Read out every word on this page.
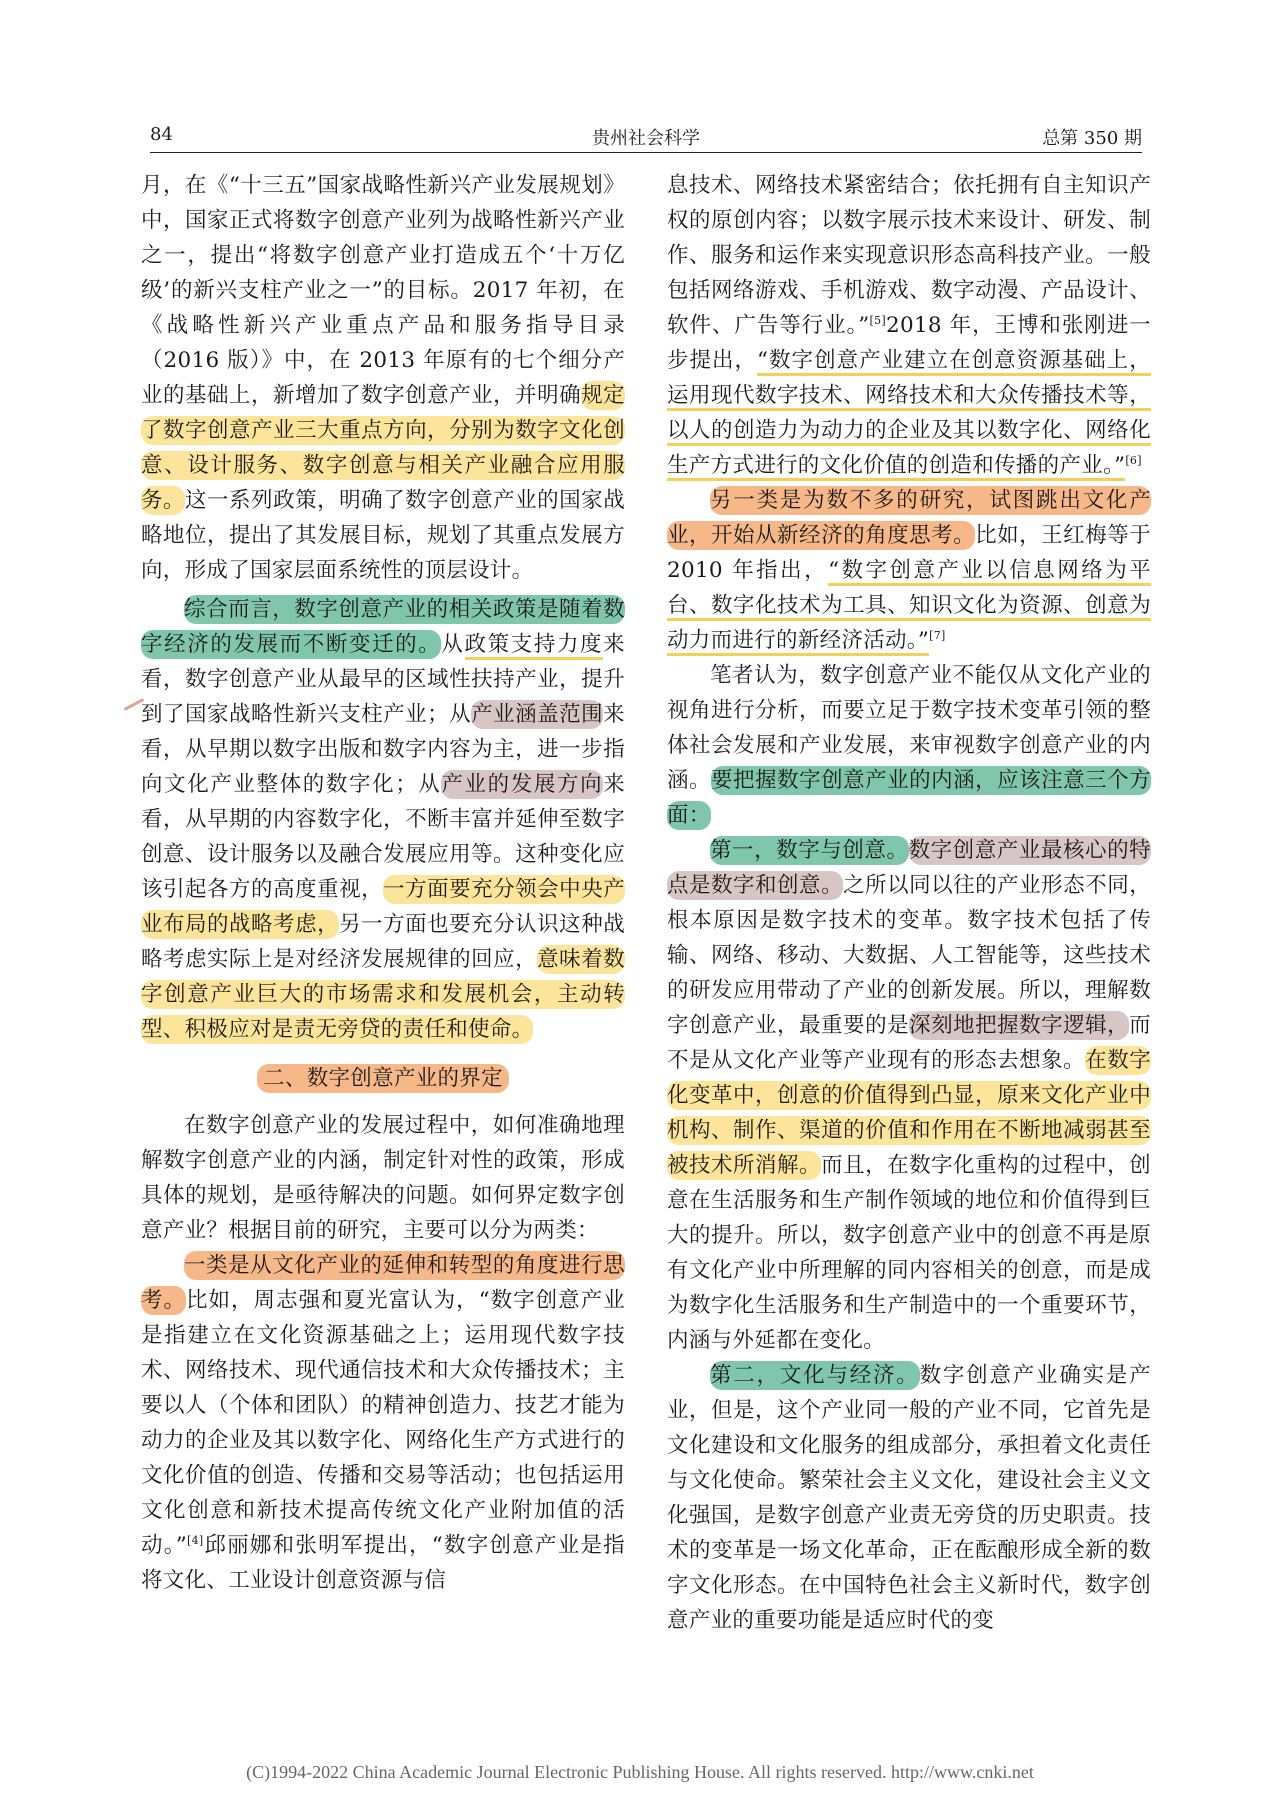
84	贵州社会科学	总第 350 期

月，在《“十三五”国家战略性新兴产业发展规划》中，国家正式将数字创意产业列为战略性新兴产业之一，提出“将数字创意产业打造成五个‘十万亿级’的新兴支柱产业之一”的目标。2017 年初，在《战略性新兴产业重点产品和服务指导目录（2016 版）》中，在 2013 年原有的七个细分产业的基础上，新增加了数字创意产业，并明确规定了数字创意产业三大重点方向，分别为数字文化创意、设计服务、数字创意与相关产业融合应用服务。这一系列政策，明确了数字创意产业的国家战略地位，提出了其发展目标，规划了其重点发展方向，形成了国家层面系统性的顶层设计。

综合而言，数字创意产业的相关政策是随着数字经济的发展而不断变迁的。从政策支持力度来看，数字创意产业从最早的区域性扶持产业，提升到了国家战略性新兴支柱产业；从产业涵盖范围来看，从早期以数字出版和数字内容为主，进一步指向文化产业整体的数字化；从产业的发展方向来看，从早期的内容数字化，不断丰富并延伸至数字创意、设计服务以及融合发展应用等。这种变化应该引起各方的高度重视，一方面要充分领会中央产业布局的战略考虑，另一方面也要充分认识这种战略考虑实际上是对经济发展规律的回应，意味着数字创意产业巨大的市场需求和发展机会，主动转型、积极应对是责无旁贷的责任和使命。

二、数字创意产业的界定

在数字创意产业的发展过程中，如何准确地理解数字创意产业的内涵，制定针对性的政策，形成具体的规划，是亟待解决的问题。如何界定数字创意产业？根据目前的研究，主要可以分为两类：

一类是从文化产业的延伸和转型的角度进行思考。比如，周志强和夏光富认为，“数字创意产业是指建立在文化资源基础之上；运用现代数字技术、网络技术、现代通信技术和大众传播技术；主要以人（个体和团队）的精神创造力、技艺才能为动力的企业及其以数字化、网络化生产方式进行的文化价值的创造、传播和交易等活动；也包括运用文化创意和新技术提高传统文化产业附加值的活动。”[4]邱丽娜和张明军提出，“数字创意产业是指将文化、工业设计创意资源与信

息技术、网络技术紧密结合；依托拥有自主知识产权的原创内容；以数字展示技术来设计、研发、制作、服务和运作来实现意识形态高科技产业。一般包括网络游戏、手机游戏、数字动漫、产品设计、软件、广告等行业。”[5]2018 年，王博和张刚进一步提出，“数字创意产业建立在创意资源基础上，运用现代数字技术、网络技术和大众传播技术等，以人的创造力为动力的企业及其以数字化、网络化生产方式进行的文化价值的创造和传播的产业。”[6]

另一类是为数不多的研究，试图跳出文化产业，开始从新经济的角度思考。比如，王红梅等于 2010 年指出，“数字创意产业以信息网络为平台、数字化技术为工具、知识文化为资源、创意为动力而进行的新经济活动。”[7]

笔者认为，数字创意产业不能仅从文化产业的视角进行分析，而要立足于数字技术变革引领的整体社会发展和产业发展，来审视数字创意产业的内涵。要把握数字创意产业的内涵，应该注意三个方面：

第一，数字与创意。数字创意产业最核心的特点是数字和创意。之所以同以往的产业形态不同，根本原因是数字技术的变革。数字技术包括了传输、网络、移动、大数据、人工智能等，这些技术的研发应用带动了产业的创新发展。所以，理解数字创意产业，最重要的是深刻地把握数字逻辑，而不是从文化产业等产业现有的形态去想象。在数字化变革中，创意的价值得到凸显，原来文化产业中机构、制作、渠道的价值和作用在不断地减弱甚至被技术所消解。而且，在数字化重构的过程中，创意在生活服务和生产制作领域的地位和价值得到巨大的提升。所以，数字创意产业中的创意不再是原有文化产业中所理解的同内容相关的创意，而是成为数字化生活服务和生产制造中的一个重要环节，内涵与外延都在变化。

第二，文化与经济。数字创意产业确实是产业，但是，这个产业同一般的产业不同，它首先是文化建设和文化服务的组成部分，承担着文化责任与文化使命。繁荣社会主义文化，建设社会主义文化强国，是数字创意产业责无旁贷的历史职责。技术的变革是一场文化革命，正在酝酿形成全新的数字文化形态。在中国特色社会主义新时代，数字创意产业的重要功能是适应时代的变

(C)1994-2022 China Academic Journal Electronic Publishing House. All rights reserved. http://www.cnki.net
